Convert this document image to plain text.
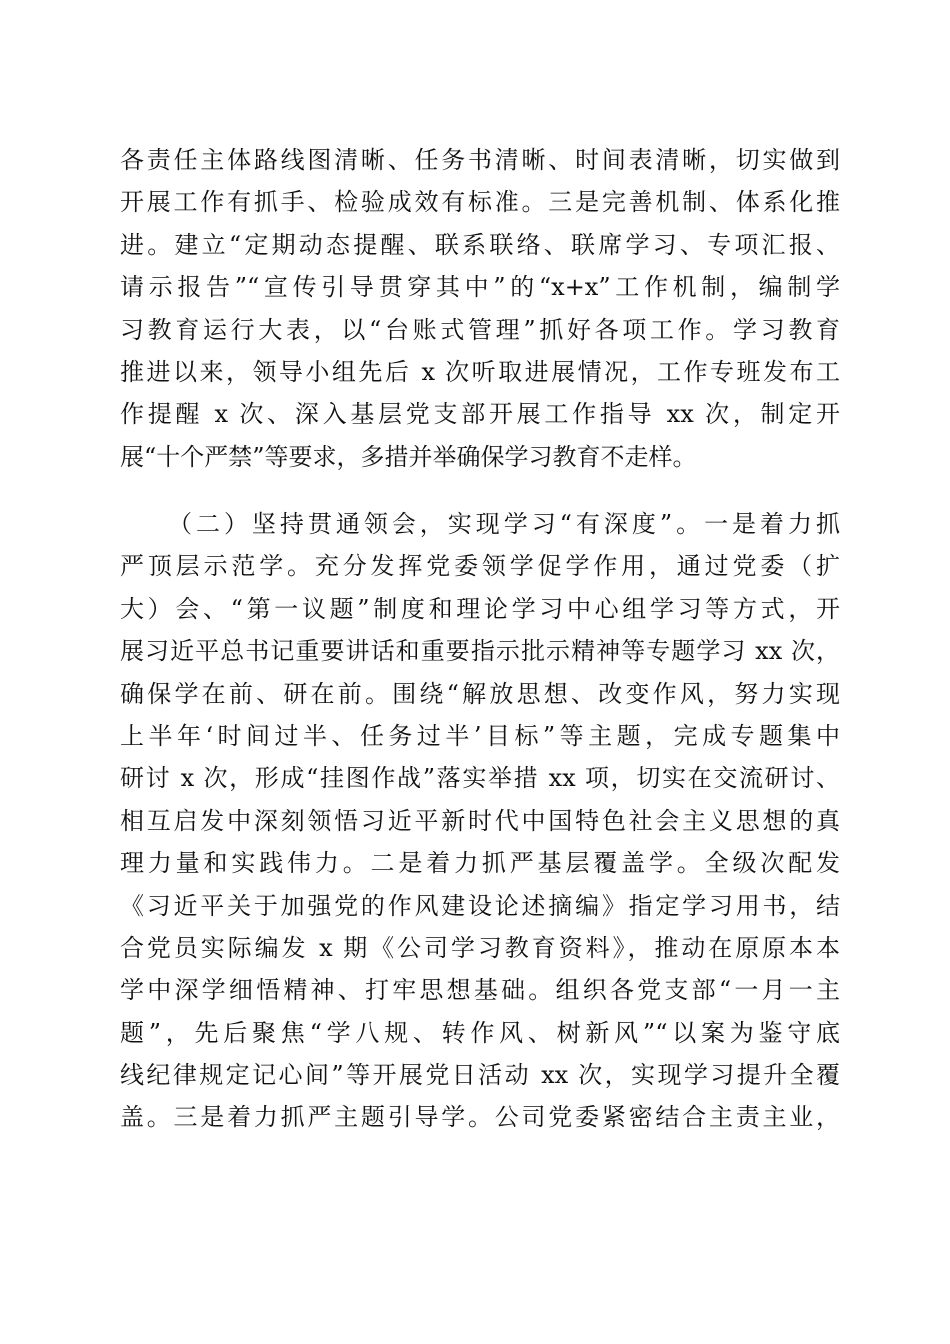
各责任主体路线图清晰、任务书清晰、时间表清晰，切实做到
开展工作有抓手、检验成效有标准。三是完善机制、体系化推
进。建立“定期动态提醒、联系联络、联席学习、专项汇报、
请示报告”“宣传引导贯穿其中”的“x+x”工作机制，编制学
习教育运行大表，以“台账式管理”抓好各项工作。学习教育
推进以来，领导小组先后 x 次听取进展情况，工作专班发布工
作提醒 x 次、深入基层党支部开展工作指导 xx 次，制定开
展“十个严禁”等要求，多措并举确保学习教育不走样。
（二）坚持贯通领会，实现学习“有深度”。一是着力抓
严顶层示范学。充分发挥党委领学促学作用，通过党委（扩
大）会、“第一议题”制度和理论学习中心组学习等方式，开
展习近平总书记重要讲话和重要指示批示精神等专题学习 xx 次，
确保学在前、研在前。围绕“解放思想、改变作风，努力实现
上半年‘时间过半、任务过半’目标”等主题，完成专题集中
研讨 x 次，形成“挂图作战”落实举措 xx 项，切实在交流研讨、
相互启发中深刻领悟习近平新时代中国特色社会主义思想的真
理力量和实践伟力。二是着力抓严基层覆盖学。全级次配发
《习近平关于加强党的作风建设论述摘编》指定学习用书，结
合党员实际编发 x 期《公司学习教育资料》，推动在原原本本
学中深学细悟精神、打牢思想基础。组织各党支部“一月一主
题”，先后聚焦“学八规、转作风、树新风”“以案为鉴守底
线纪律规定记心间”等开展党日活动 xx 次，实现学习提升全覆
盖。三是着力抓严主题引导学。公司党委紧密结合主责主业，
